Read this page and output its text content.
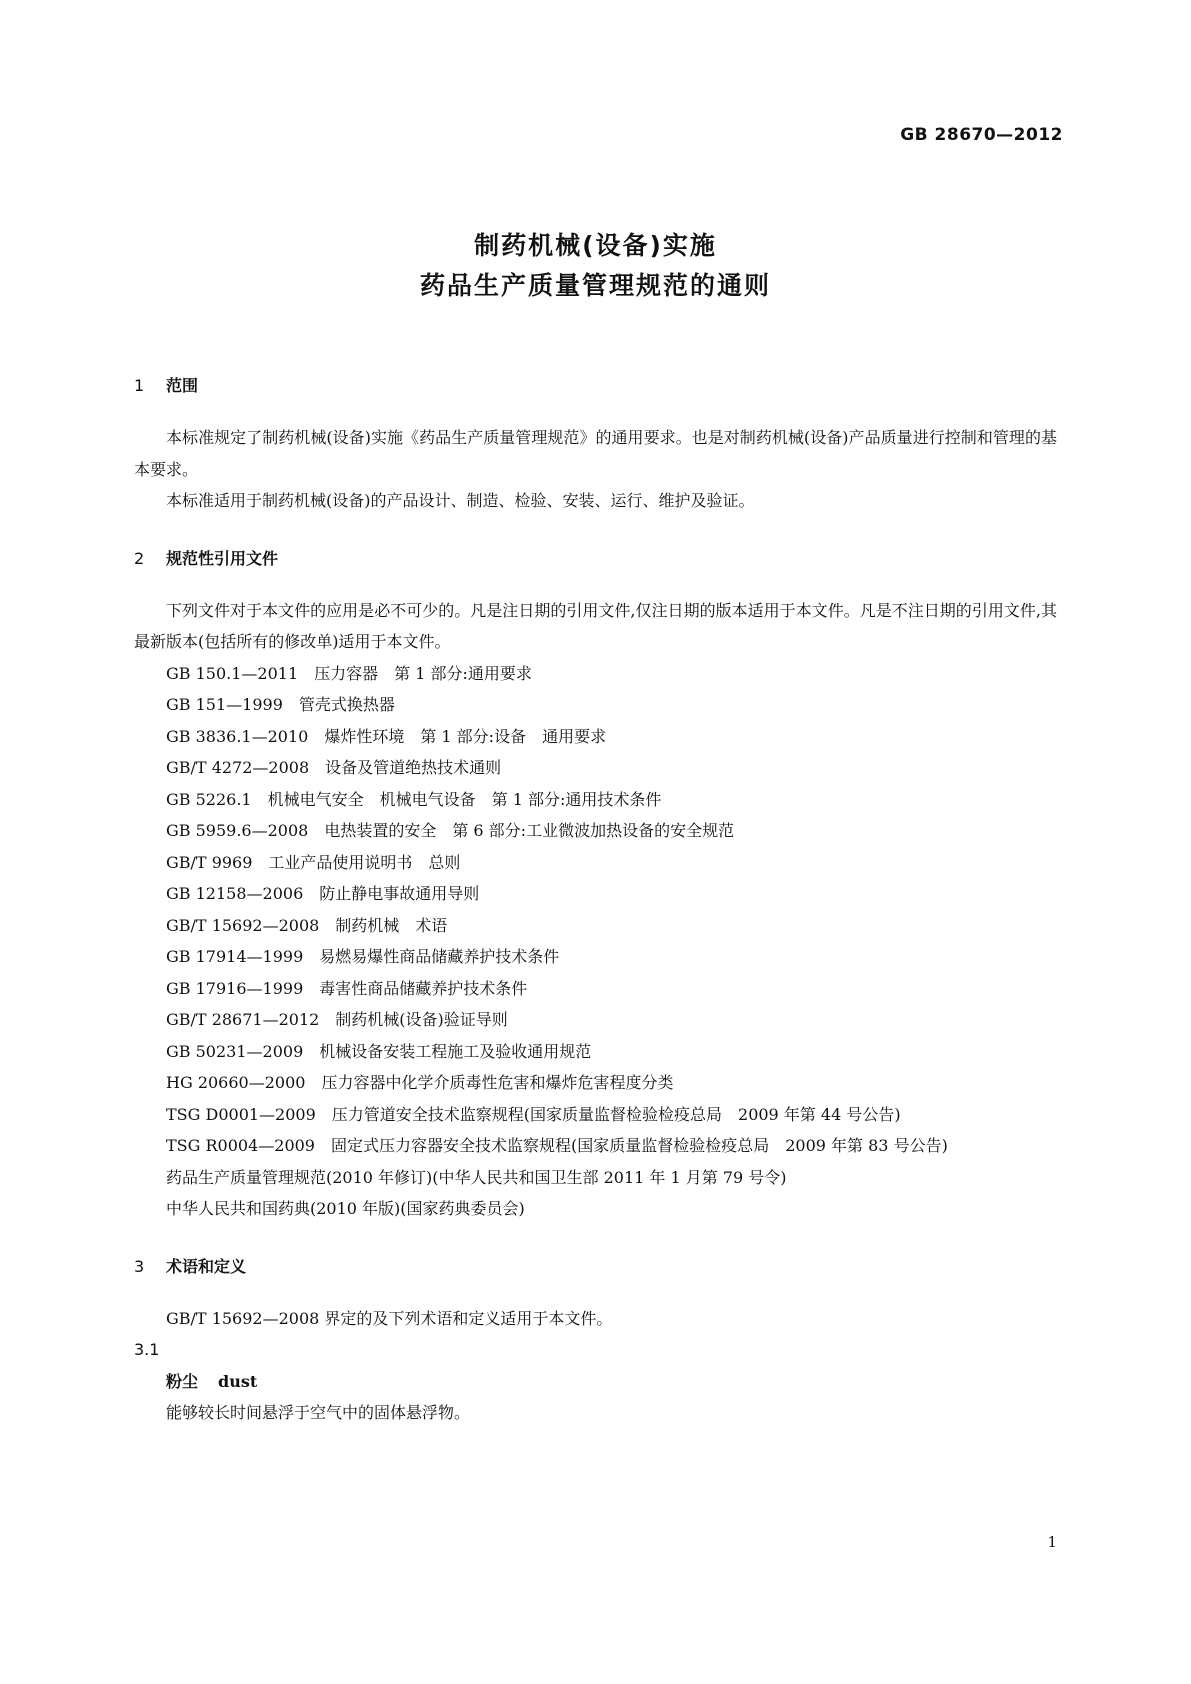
GB 28670—2012
制药机械(设备)实施
药品生产质量管理规范的通则
1 范围

本标准规定了制药机械(设备)实施《药品生产质量管理规范》的通用要求。也是对制药机械(设备)产品质量进行控制和管理的基本要求。

本标准适用于制药机械(设备)的产品设计、制造、检验、安装、运行、维护及验证。

2 规范性引用文件

下列文件对于本文件的应用是必不可少的。凡是注日期的引用文件,仅注日期的版本适用于本文件。凡是不注日期的引用文件,其最新版本(包括所有的修改单)适用于本文件。

GB 150.1—2011　压力容器　第 1 部分:通用要求

GB 151—1999　管壳式换热器

GB 3836.1—2010　爆炸性环境　第 1 部分:设备　通用要求

GB/T 4272—2008　设备及管道绝热技术通则

GB 5226.1　机械电气安全　机械电气设备　第 1 部分:通用技术条件

GB 5959.6—2008　电热装置的安全　第 6 部分:工业微波加热设备的安全规范

GB/T 9969　工业产品使用说明书　总则

GB 12158—2006　防止静电事故通用导则

GB/T 15692—2008　制药机械　术语

GB 17914—1999　易燃易爆性商品储藏养护技术条件

GB 17916—1999　毒害性商品储藏养护技术条件

GB/T 28671—2012　制药机械(设备)验证导则

GB 50231—2009　机械设备安装工程施工及验收通用规范

HG 20660—2000　压力容器中化学介质毒性危害和爆炸危害程度分类

TSG D0001—2009　压力管道安全技术监察规程(国家质量监督检验检疫总局　2009 年第 44 号公告)

TSG R0004—2009　固定式压力容器安全技术监察规程(国家质量监督检验检疫总局　2009 年第 83 号公告)

药品生产质量管理规范(2010 年修订)(中华人民共和国卫生部 2011 年 1 月第 79 号令)

中华人民共和国药典(2010 年版)(国家药典委员会)

3 术语和定义

GB/T 15692—2008 界定的及下列术语和定义适用于本文件。

3.1

粉尘 dust

能够较长时间悬浮于空气中的固体悬浮物。

1
